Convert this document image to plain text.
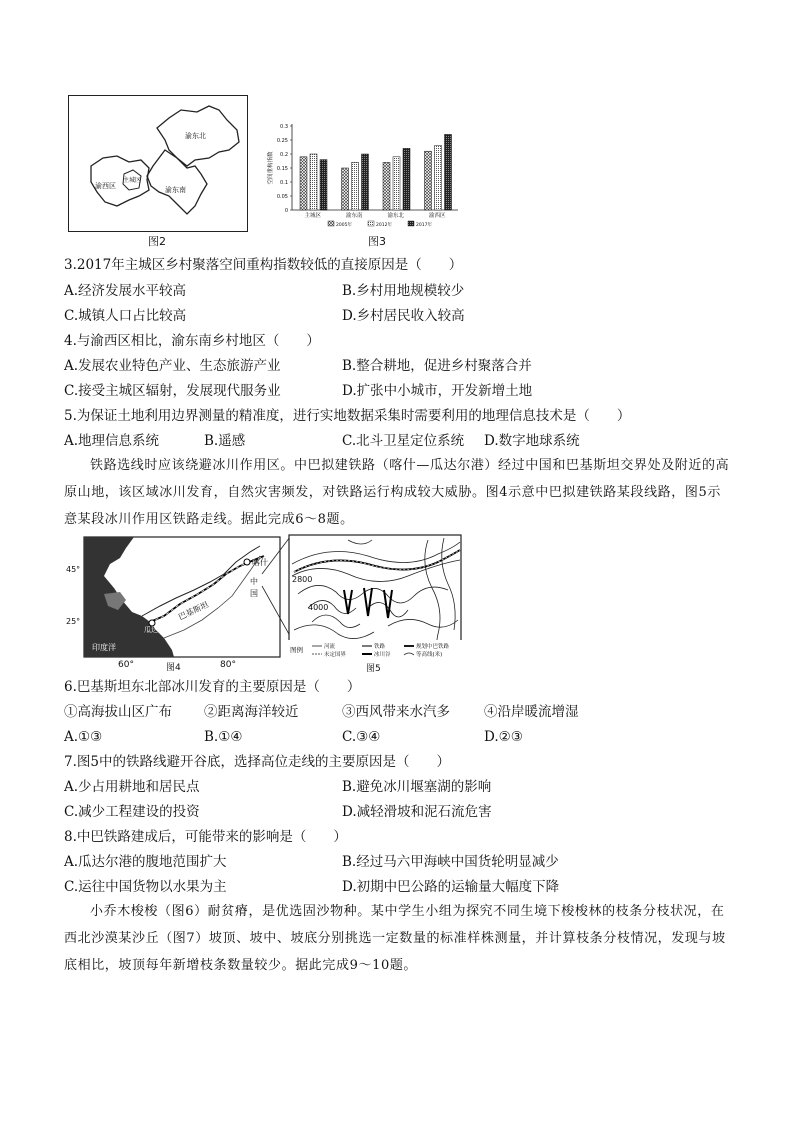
渝东北
渝西区
主城区
渝东南
图2
0.3
0.25
0.2
0.15
0.1
0.05
0
空间重构指数
主城区	渝东南	渝东北	渝西区
2005年	2012年	2017年
图3
3.2017年主城区乡村聚落空间重构指数较低的直接原因是（　　）
A.经济发展水平较高	B.乡村用地规模较少
C.城镇人口占比较高	D.乡村居民收入较高
4.与渝西区相比，渝东南乡村地区（　　）
A.发展农业特色产业、生态旅游产业	B.整合耕地，促进乡村聚落合并
C.接受主城区辐射，发展现代服务业	D.扩张中小城市，开发新增土地
5.为保证土地利用边界测量的精准度，进行实地数据采集时需要利用的地理信息技术是（　　）
A.地理信息系统	B.遥感	C.北斗卫星定位系统 D.数字地球系统
铁路选线时应该绕避冰川作用区。中巴拟建铁路（喀什—瓜达尔港）经过中国和巴基斯坦交界处及附近的高原山地，该区域冰川发育，自然灾害频发，对铁路运行构成较大威胁。图4示意中巴拟建铁路某段线路，图5示意某段冰川作用区铁路走线。据此完成6～8题。
喀什
中
国
巴基斯坦
瓜达尔港
印度洋
45°
25°
60°	图4	80°
2800
4000
图例	河流
未定国界
铁路
冰川谷
规划中巴铁路
等高线(米)
图5
6.巴基斯坦东北部冰川发育的主要原因是（　　）
①高海拔山区广布 ②距离海洋较近	③西风带来水汽多	④沿岸暖流增湿
A.①③	B.①④	C.③④	D.②③
7.图5中的铁路线避开谷底，选择高位走线的主要原因是（　　）
A.少占用耕地和居民点	B.避免冰川堰塞湖的影响
C.减少工程建设的投资	D.减轻滑坡和泥石流危害
8.中巴铁路建成后，可能带来的影响是（　　）
A.瓜达尔港的腹地范围扩大	B.经过马六甲海峡中国货轮明显减少
C.运往中国货物以水果为主	D.初期中巴公路的运输量大幅度下降
小乔木梭梭（图6）耐贫瘠，是优选固沙物种。某中学生小组为探究不同生境下梭梭林的枝条分枝状况，在西北沙漠某沙丘（图7）坡顶、坡中、坡底分别挑选一定数量的标准样株测量，并计算枝条分枝情况，发现与坡底相比，坡顶每年新增枝条数量较少。据此完成9～10题。
